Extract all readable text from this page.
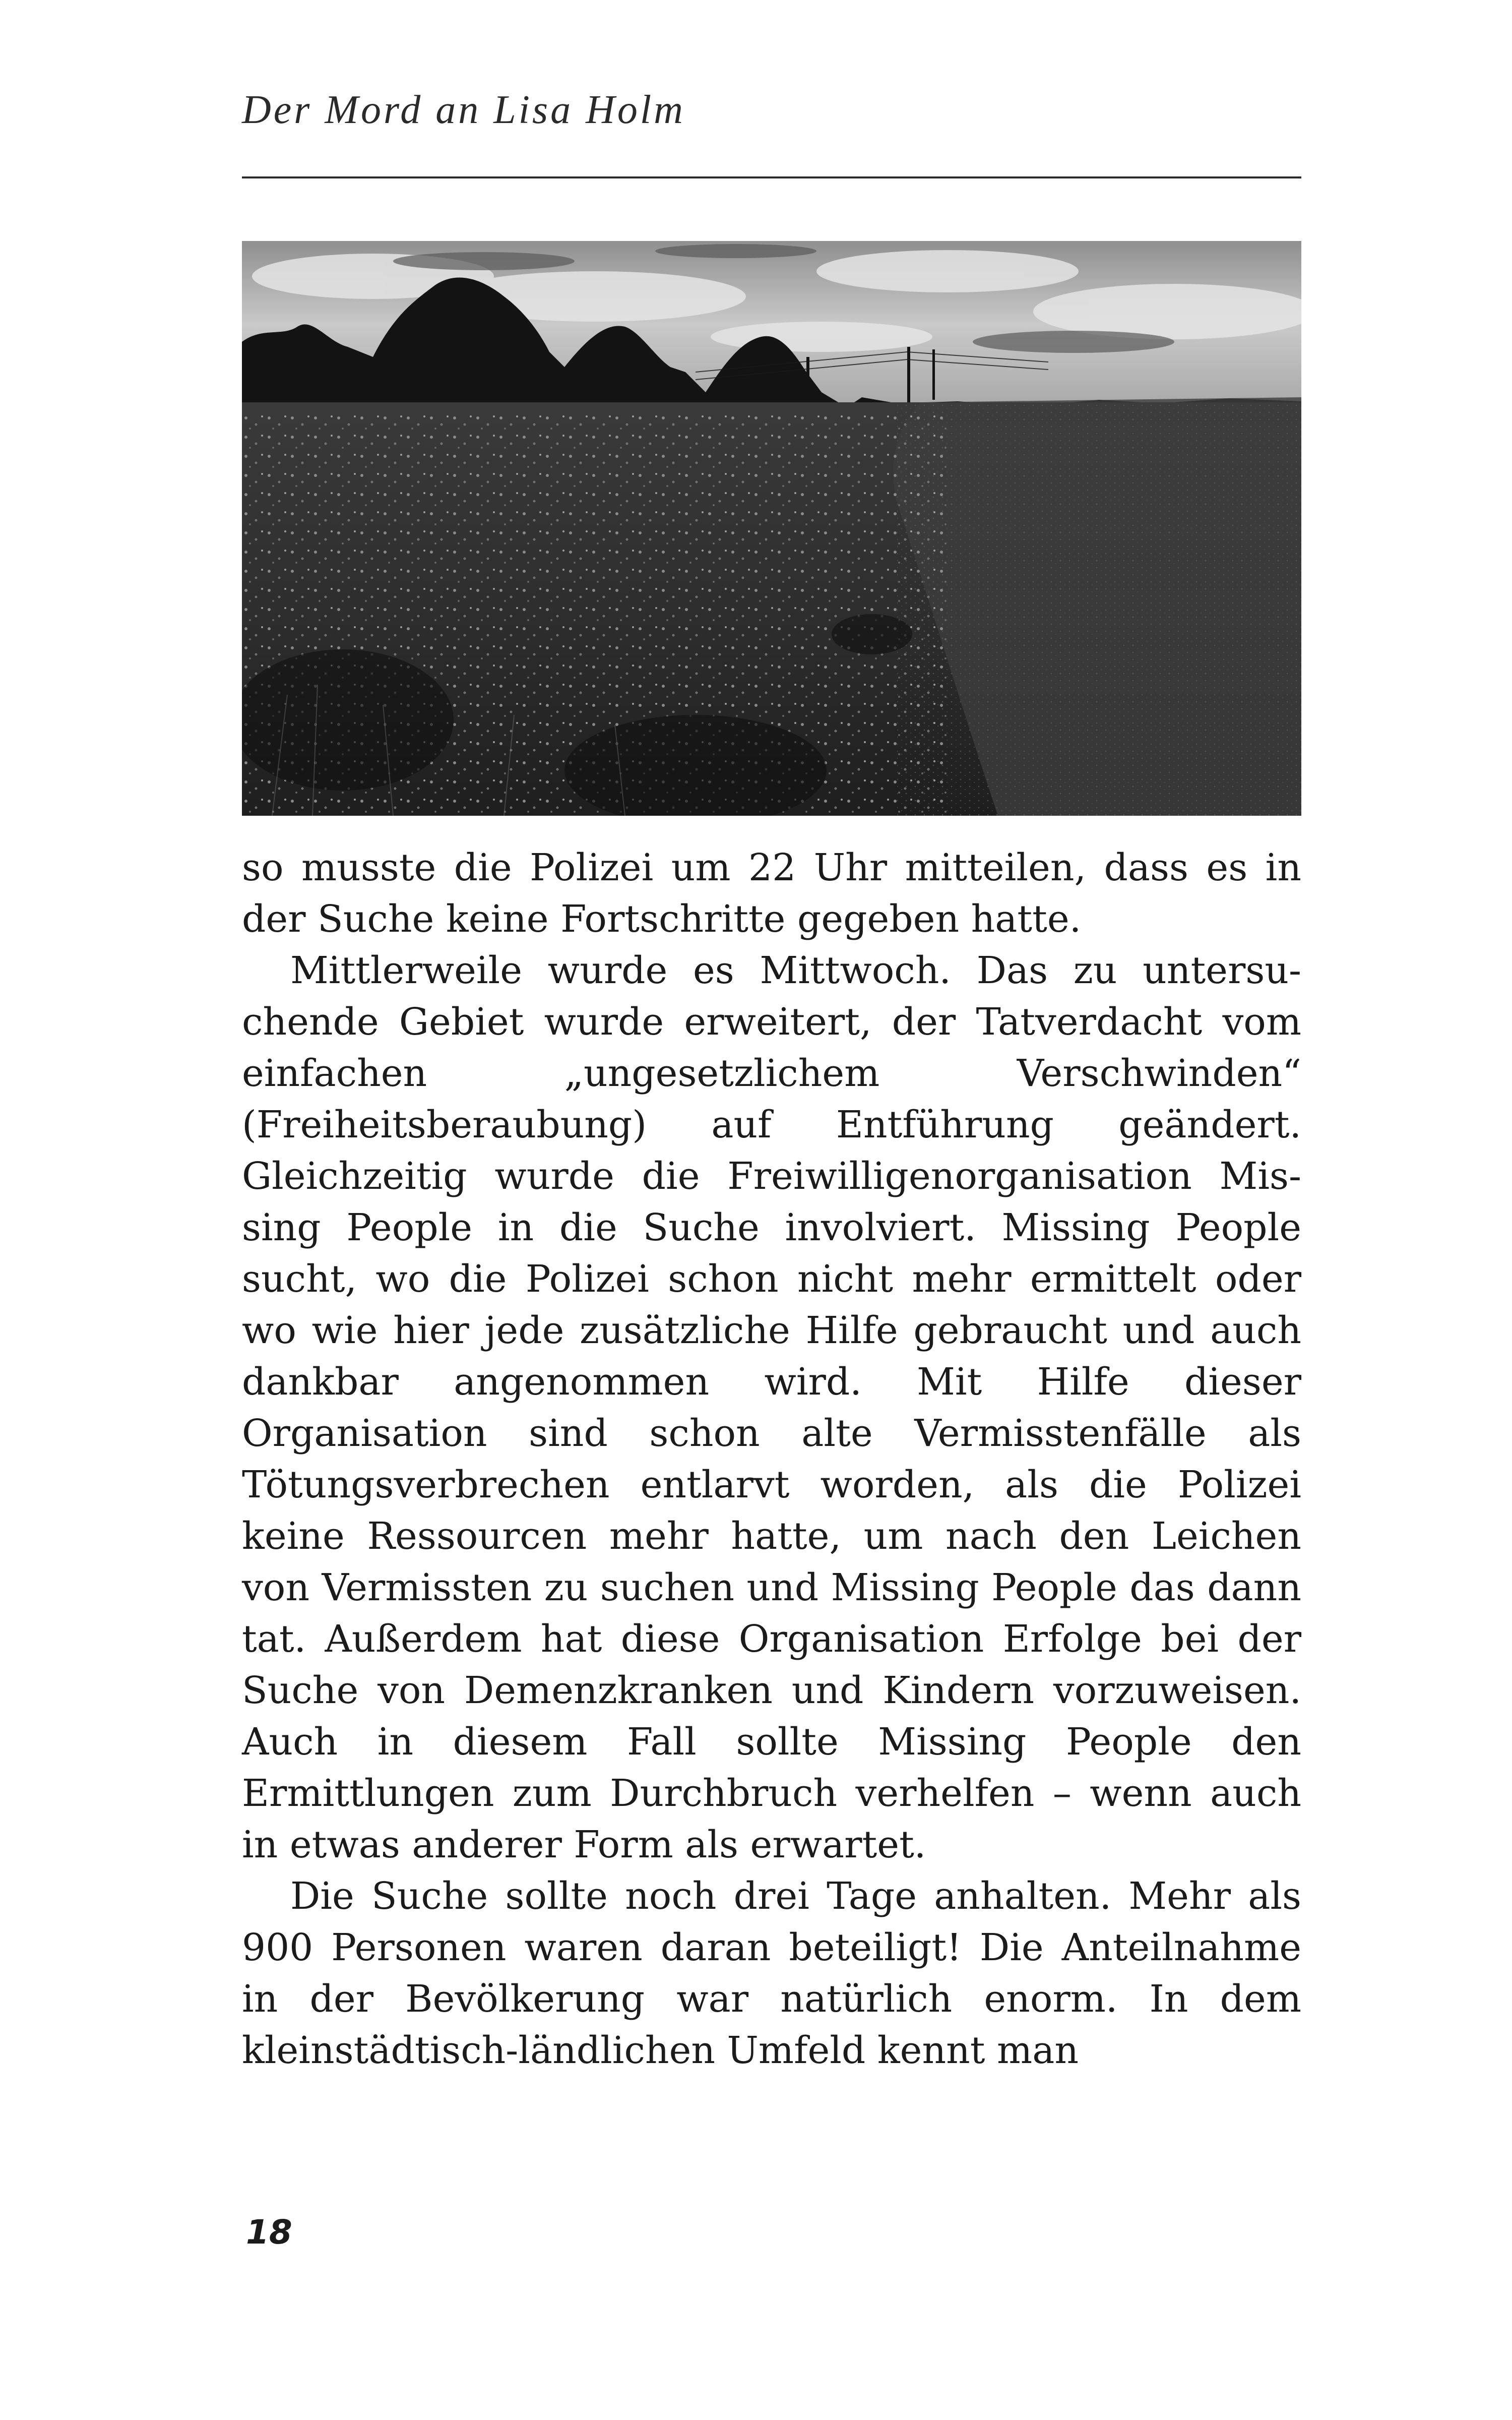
Der Mord an Lisa Holm

so musste die Polizei um 22 Uhr mitteilen, dass es in der Suche keine Fortschritte gegeben hatte.

Mittlerweile wurde es Mittwoch. Das zu untersuchende Gebiet wurde erweitert, der Tatverdacht vom einfachen „ungesetzlichem Verschwinden“ (Freiheitsberaubung) auf Entführung geändert. Gleichzeitig wurde die Freiwilligenorganisation Missing People in die Suche involviert. Missing People sucht, wo die Polizei schon nicht mehr ermittelt oder wo wie hier jede zusätzliche Hilfe gebraucht und auch dankbar angenommen wird. Mit Hilfe dieser Organisation sind schon alte Vermisstenfälle als Tötungsverbrechen entlarvt worden, als die Polizei keine Ressourcen mehr hatte, um nach den Leichen von Vermissten zu suchen und Missing People das dann tat. Außerdem hat diese Organisation Erfolge bei der Suche von Demenzkranken und Kindern vorzuweisen. Auch in diesem Fall sollte Missing People den Ermittlungen zum Durchbruch verhelfen – wenn auch in etwas anderer Form als erwartet.

Die Suche sollte noch drei Tage anhalten. Mehr als 900 Personen waren daran beteiligt! Die Anteilnahme in der Bevölkerung war natürlich enorm. In dem kleinstädtisch-ländlichen Umfeld kennt man

18
